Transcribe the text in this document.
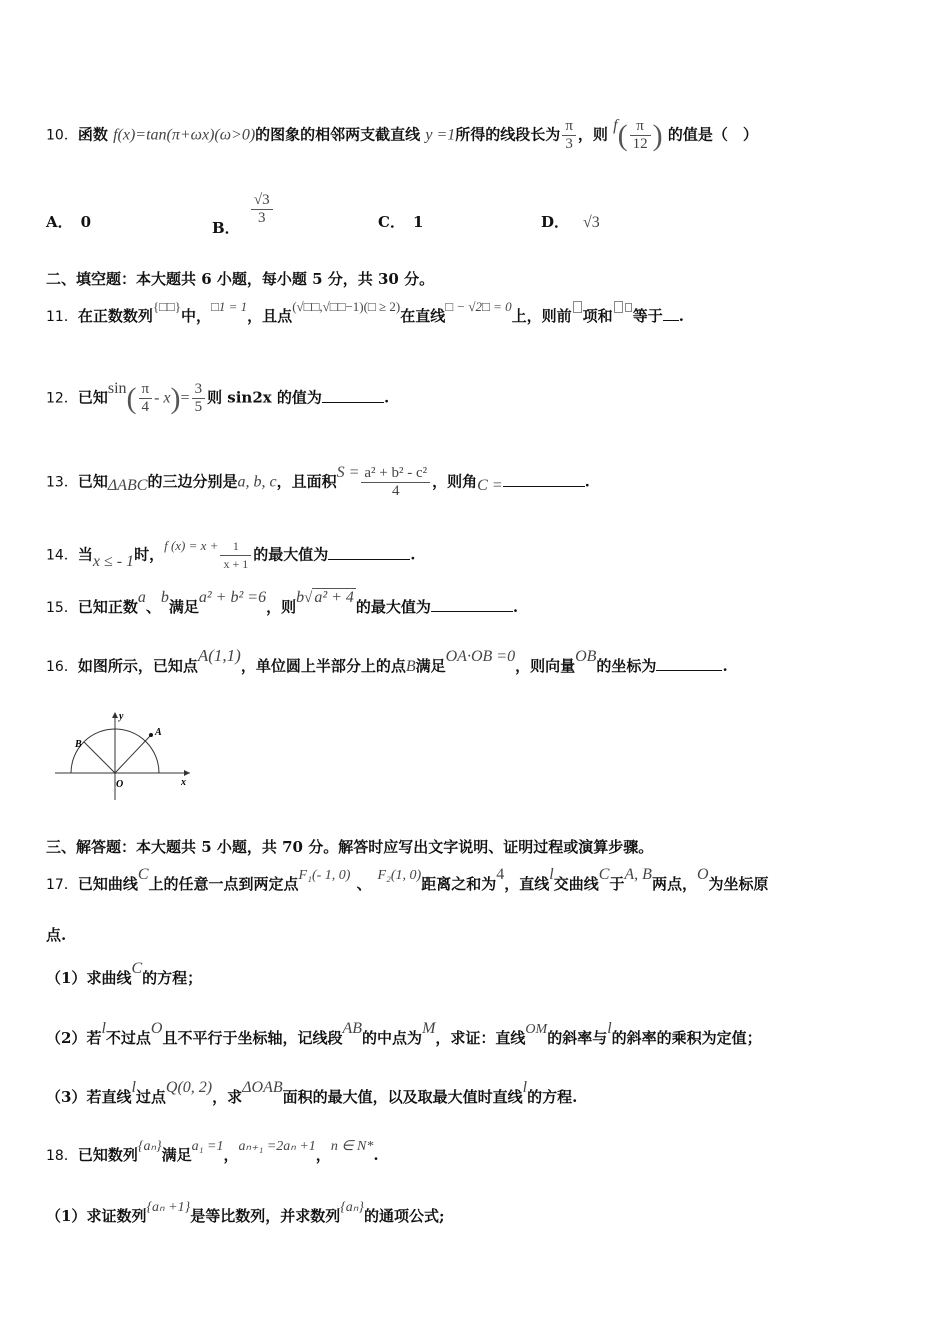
10．函数 f(x)=tan(π+ωx)(ω>0)的图象的相邻两支截直线 y =1所得的线段长为 $\frac{\pi}{3}$ ，则 $f( \frac{\pi}{12}$ ) 的值是（　）
A． 0	B．
$\frac{√3}{3}$	C． 1	D． √3
二、填空题：本大题共 6 小题，每小题 5 分，共 30 分。
11．在正数数列{□□}中，□1 = 1，且点(√□□,√□□−1)(□ ≥ 2)在直线□ − √2□ = 0上，则前 项和 等于 .
12．已知$\sin( \frac{\pi}{4} - x)= \frac{3}{5}$ 则 sin2x 的值为	.
13．已知ΔABC的三边分别是a, b, c，且面积$S = \frac{\text{a² + b² - c²}}{4}$ ，则角C =	.
14．当x ≤ - 1时，f $(x) = x + \frac{1}{x + 1}$ 的最大值为	.
15．已知正数a、b满足a² + b² =6，则b√ a² + 4的最大值为	.
16．如图所示，已知点A(1,1)，单位圆上半部分上的点B满足OA·OB =0，则向量OB的坐标为	.
y
x
O
A
B
三、解答题：本大题共 5 小题，共 70 分。解答时应写出文字说明、证明过程或演算步骤。
17．已知曲线C上的任意一点到两定点F₁(- 1, 0) 、 F₂(1, 0)距离之和为4，直线l交曲线C于A, B两点，O为坐标原
点.
（1）求曲线C的方程；
（2）若l不过点O且不平行于坐标轴，记线段AB的中点为M，求证：直线OM的斜率与l的斜率的乘积为定值；
（3）若直线l过点Q(0, 2)，求ΔOAB面积的最大值，以及取最大值时直线l的方程.
18．已知数列{aₙ}满足a₁ =1，aₙ₊₁ =2aₙ +1，n ∈ N*.
（1）求证数列{aₙ +1}是等比数列，并求数列{aₙ}的通项公式;
